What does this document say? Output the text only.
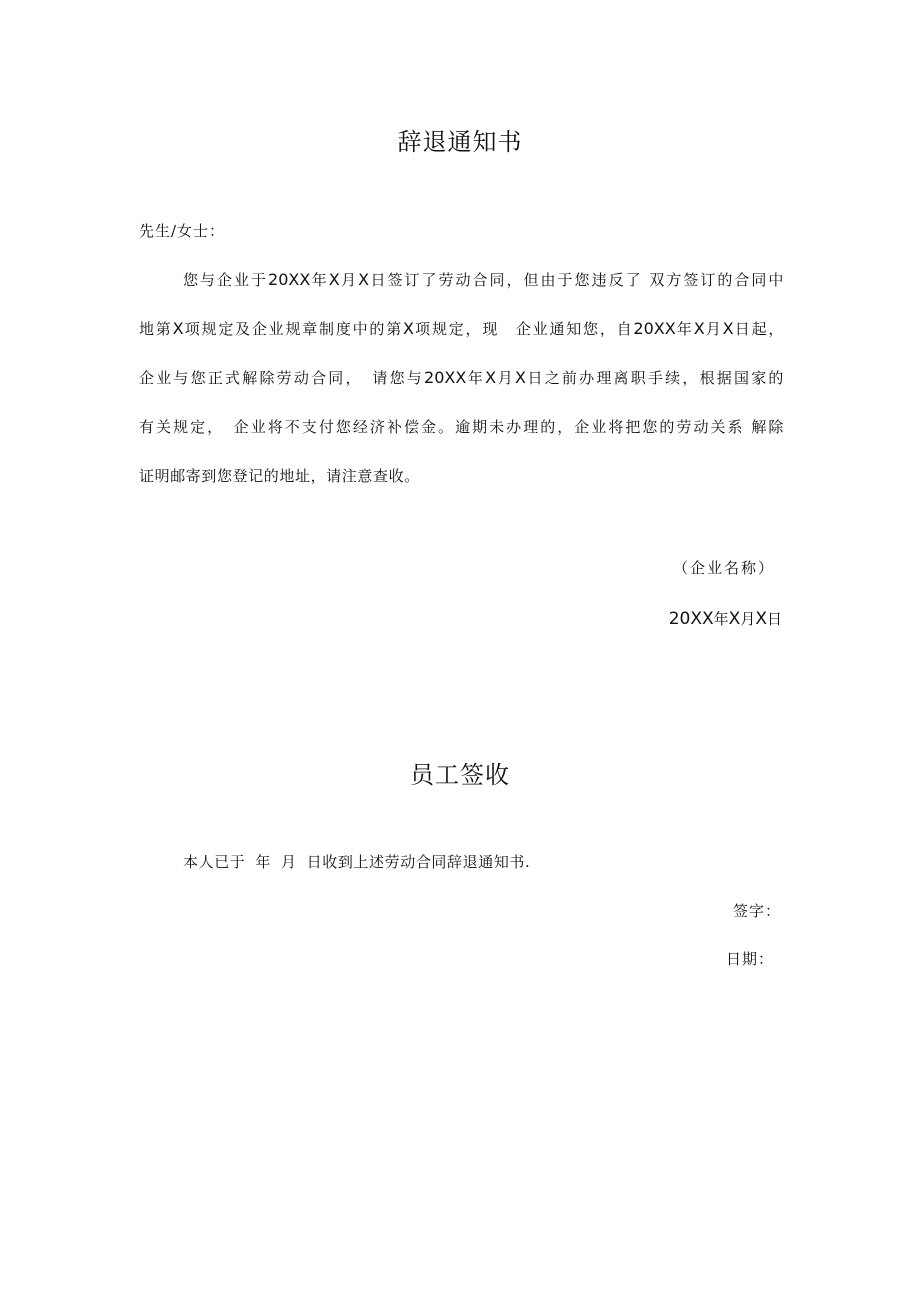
辞退通知书
先生/女士：
您与企业于20XX年X月X日签订了劳动合同，但由于您违反了 双方签订的合同中
地第X项规定及企业规章制度中的第X项规定，现　企业通知您，自20XX年X月X日起，
企业与您正式解除劳动合同，　请您与20XX年X月X日之前办理离职手续，根据国家的
有关规定，　企业将不支付您经济补偿金。逾期未办理的，企业将把您的劳动关系 解除
证明邮寄到您登记的地址，请注意查收。
（企业名称）
20XX年X月X日
员工签收
本人已于 年 月 日收到上述劳动合同辞退通知书.
签字：
日期：
